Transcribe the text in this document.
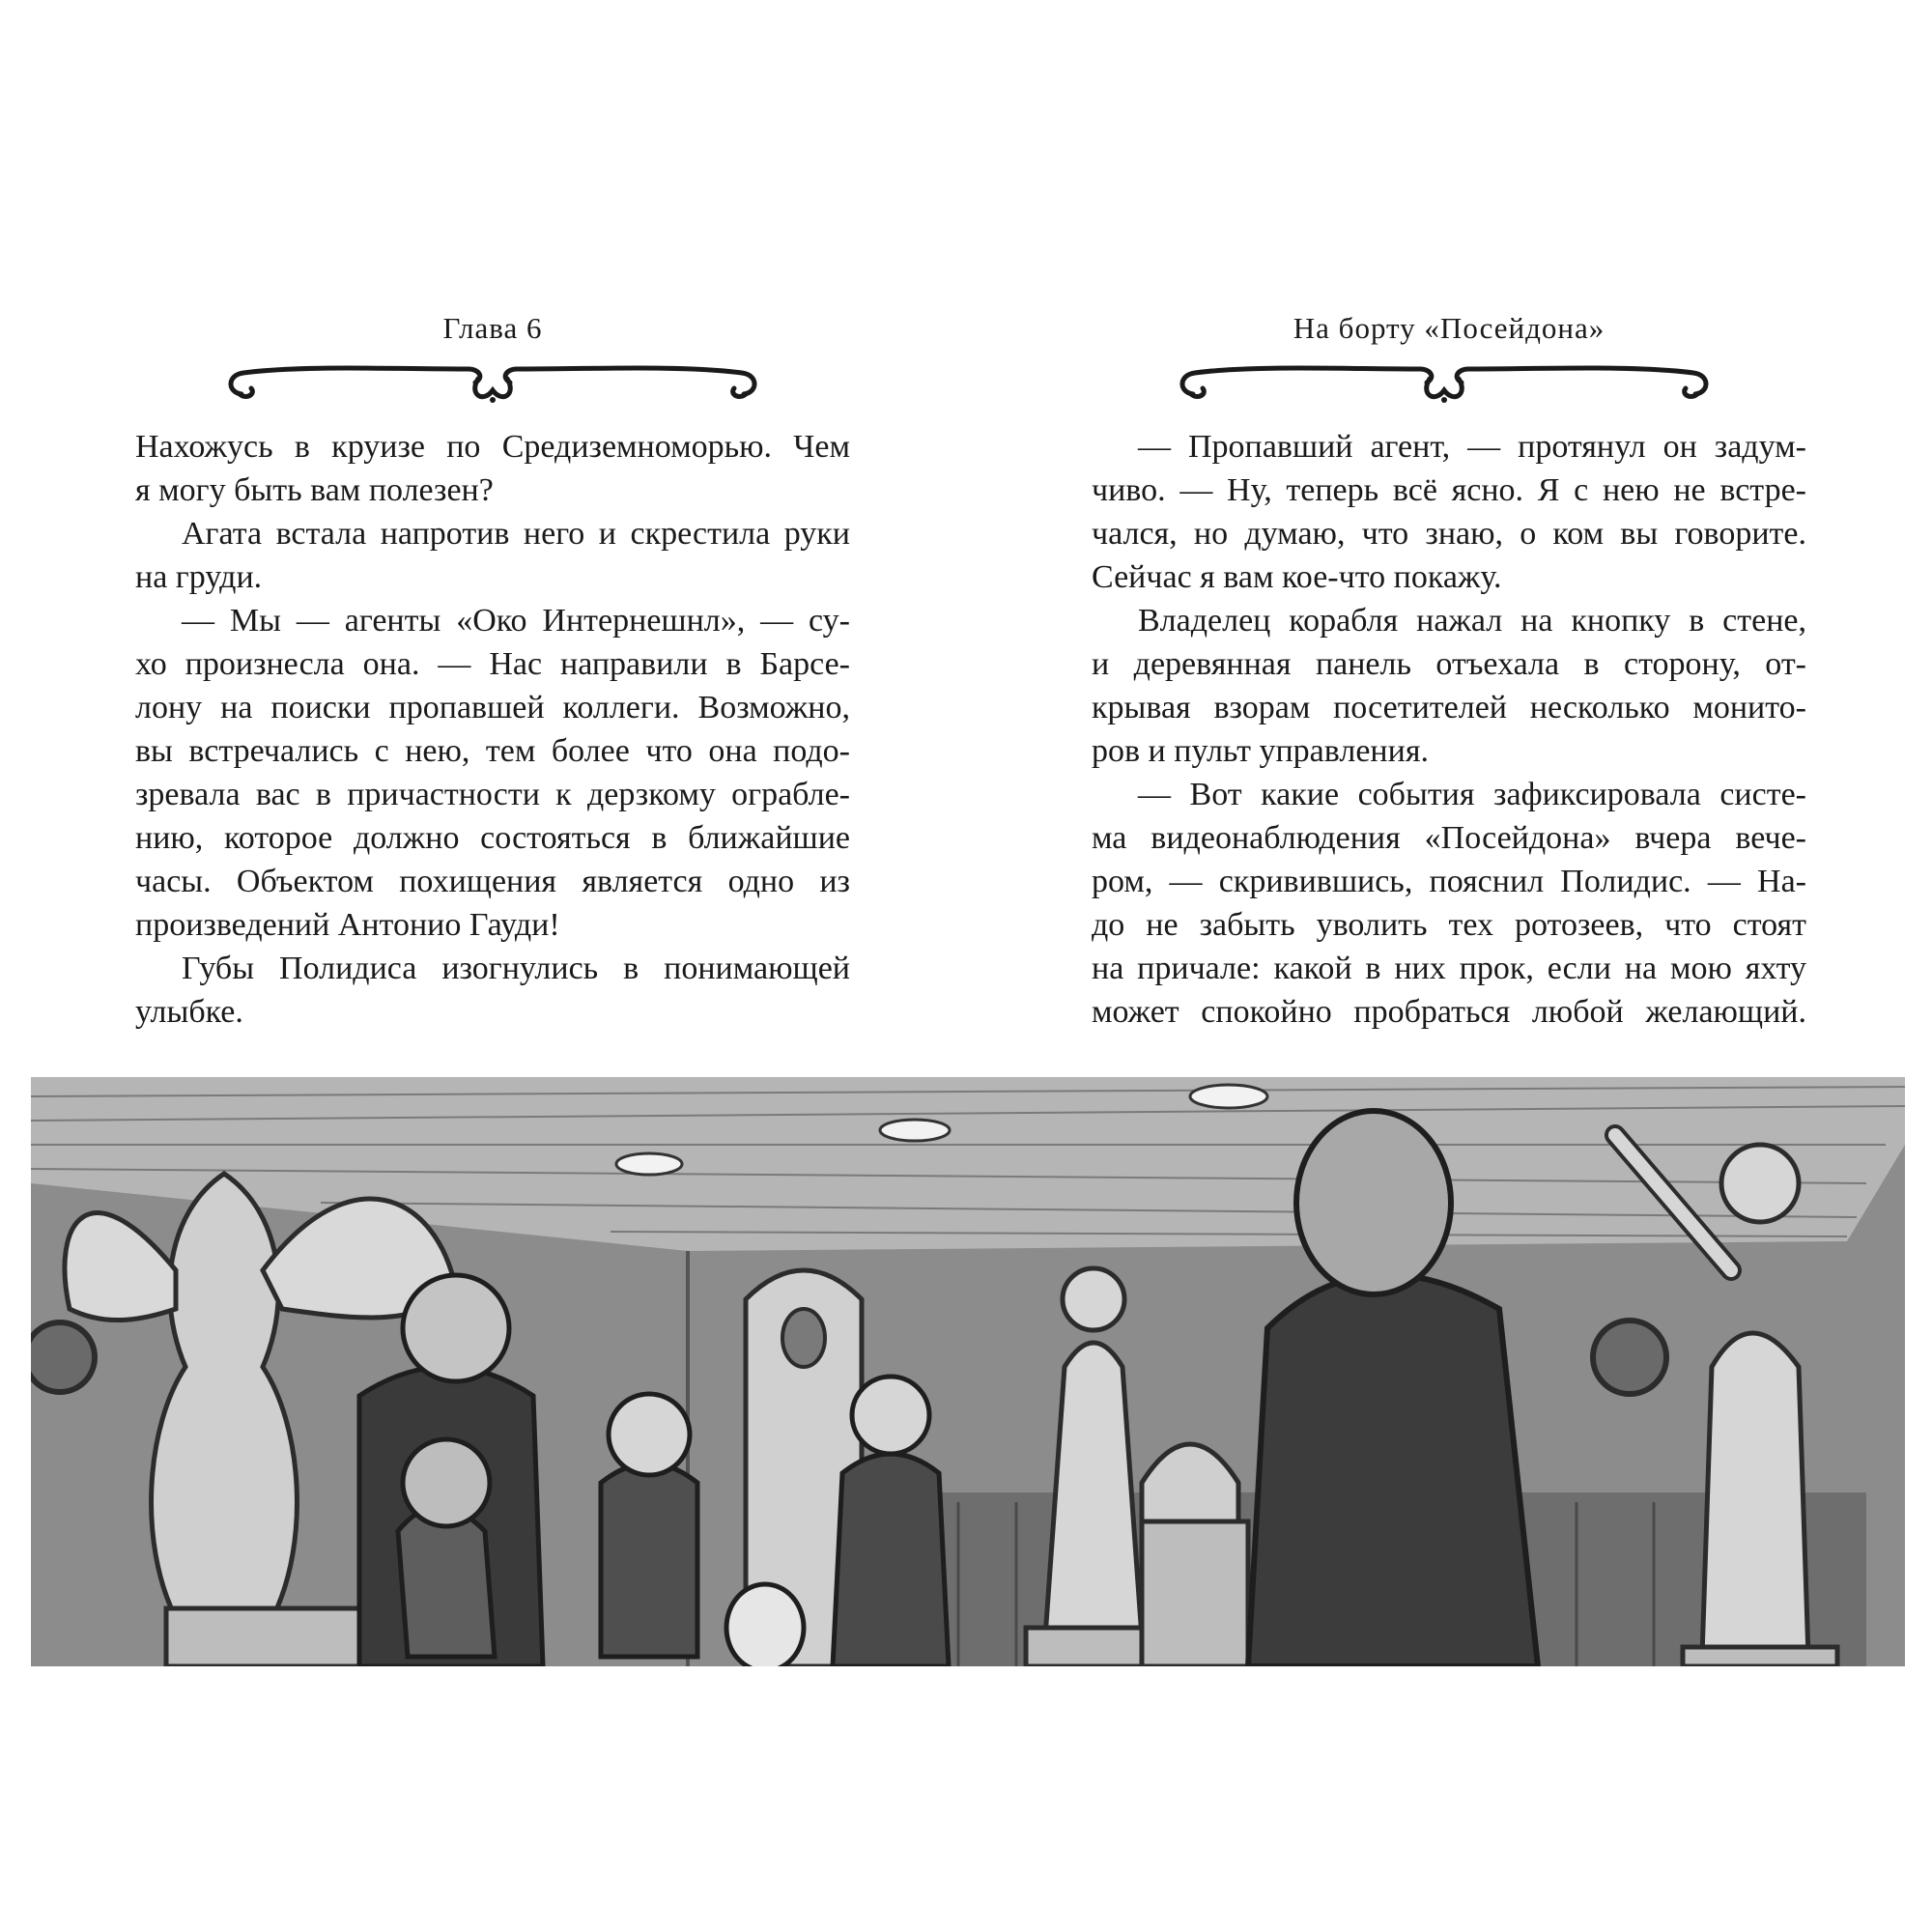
Глава 6

Нахожусь в круизе по Средиземноморью. Чем

я могу быть вам полезен?

Агата встала напротив него и скрестила руки

на груди.

— Мы — агенты «Око Интернешнл», — су-

хо произнесла она. — Нас направили в Барсе-

лону на поиски пропавшей коллеги. Возможно,

вы встречались с нею, тем более что она подо-

зревала вас в причастности к дерзкому ограбле-

нию, которое должно состояться в ближайшие

часы. Объектом похищения является одно из

произведений Антонио Гауди!

Губы Полидиса изогнулись в понимающей

улыбке.

На борту «Посейдона»

— Пропавший агент, — протянул он задум-

чиво. — Ну, теперь всё ясно. Я с нею не встре-

чался, но думаю, что знаю, о ком вы говорите.

Сейчас я вам кое-что покажу.

Владелец корабля нажал на кнопку в стене,

и деревянная панель отъехала в сторону, от-

крывая взорам посетителей несколько монито-

ров и пульт управления.

— Вот какие события зафиксировала систе-

ма видеонаблюдения «Посейдона» вчера вече-

ром, — скривившись, пояснил Полидис. — На-

до не забыть уволить тех ротозеев, что стоят

на причале: какой в них прок, если на мою яхту

может спокойно пробраться любой желающий.
